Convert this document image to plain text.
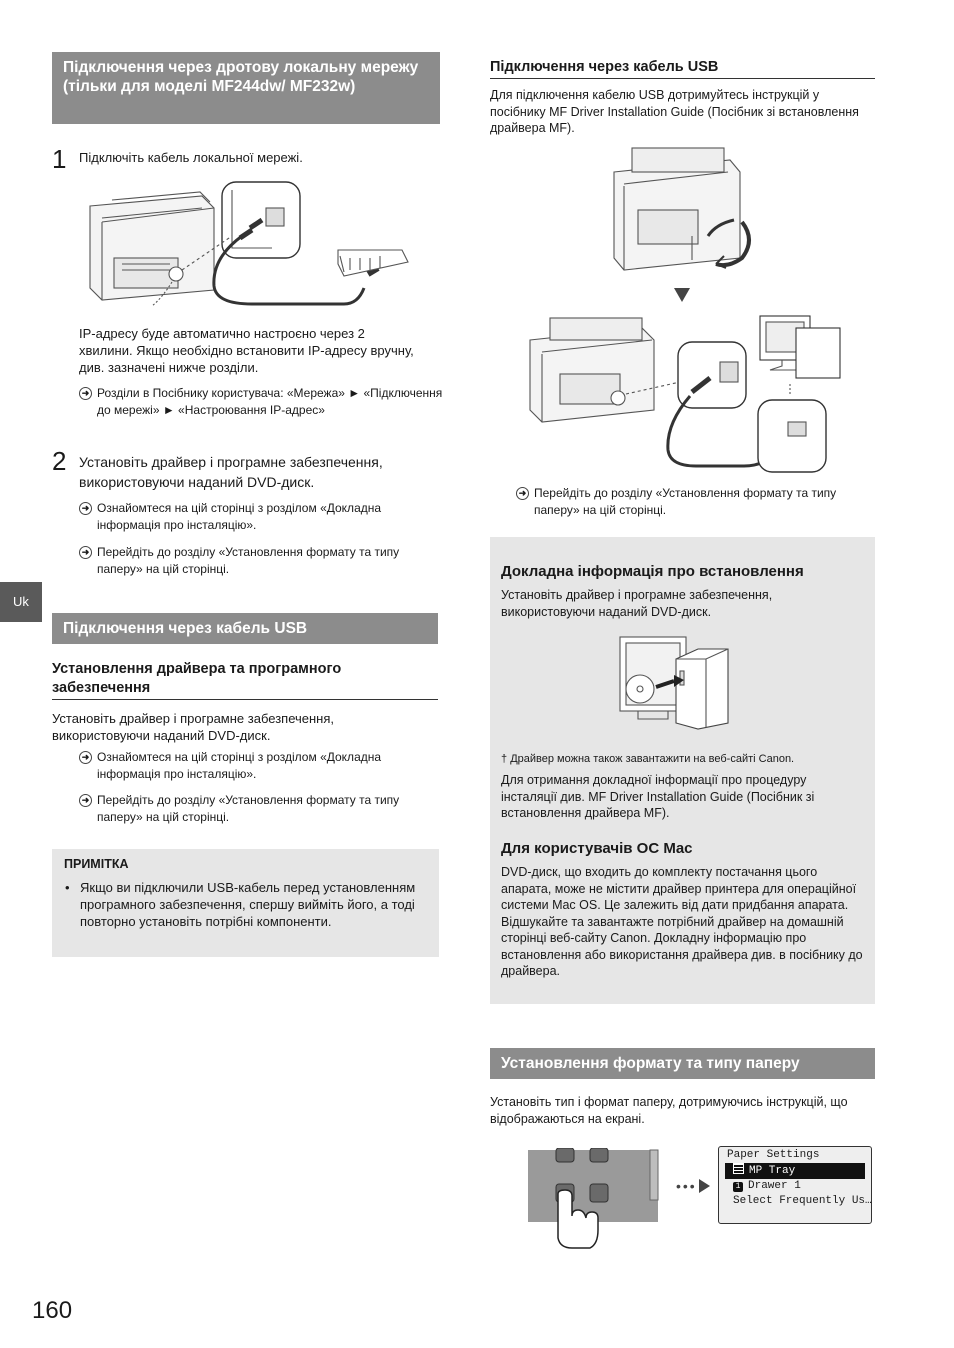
Підключення через дротову локальну мережу (тільки для моделі MF244dw/ MF232w)
1 Підключіть кабель локальної мережі.
IP-адресу буде автоматично настроєно через 2 хвилини. Якщо необхідно встановити IP-адресу вручну, див. зазначені нижче розділи.
➜ Розділи в Посібнику користувача: «Мережа» ► «Підключення до мережі» ► «Настроювання IP-адрес»
2 Установіть драйвер і програмне забезпечення, використовуючи наданий DVD-диск.
➜ Ознайомтеся на цій сторінці з розділом «Докладна інформація про інсталяцію».
➜ Перейдіть до розділу «Установлення формату та типу паперу» на цій сторінці.
Uk
Підключення через кабель USB
Установлення драйвера та програмного забезпечення
Установіть драйвер і програмне забезпечення, використовуючи наданий DVD-диск.
➜ Ознайомтеся на цій сторінці з розділом «Докладна інформація про інсталяцію».
➜ Перейдіть до розділу «Установлення формату та типу паперу» на цій сторінці.
ПРИМІТКА
• Якщо ви підключили USB-кабель перед установленням програмного забезпечення, спершу вийміть його, а тоді повторно установіть потрібні компоненти.
Підключення через кабель USB
Для підключення кабелю USB дотримуйтесь інструкцій у посібнику MF Driver Installation Guide (Посібник зі встановлення драйвера MF).
➜ Перейдіть до розділу «Установлення формату та типу паперу» на цій сторінці.
Докладна інформація про встановлення
Установіть драйвер і програмне забезпечення, використовуючи наданий DVD-диск.
† Драйвер можна також завантажити на веб-сайті Canon.
Для отримання докладної інформації про процедуру інсталяції див. MF Driver Installation Guide (Посібник зі встановлення драйвера MF).
Для користувачів ОС Mac
DVD-диск, що входить до комплекту постачання цього апарата, може не містити драйвер принтера для операційної системи Mac OS. Це залежить від дати придбання апарата. Відшукайте та завантажте потрібний драйвер на домашній сторінці веб-сайту Canon. Докладну інформацію про встановлення або використання драйвера див. в посібнику до драйвера.
Установлення формату та типу паперу
Установіть тип і формат паперу, дотримуючись інструкцій, що відображаються на екрані.
•••
Paper Settings
MP Tray
1 Drawer 1
Select Frequently Us…
160
